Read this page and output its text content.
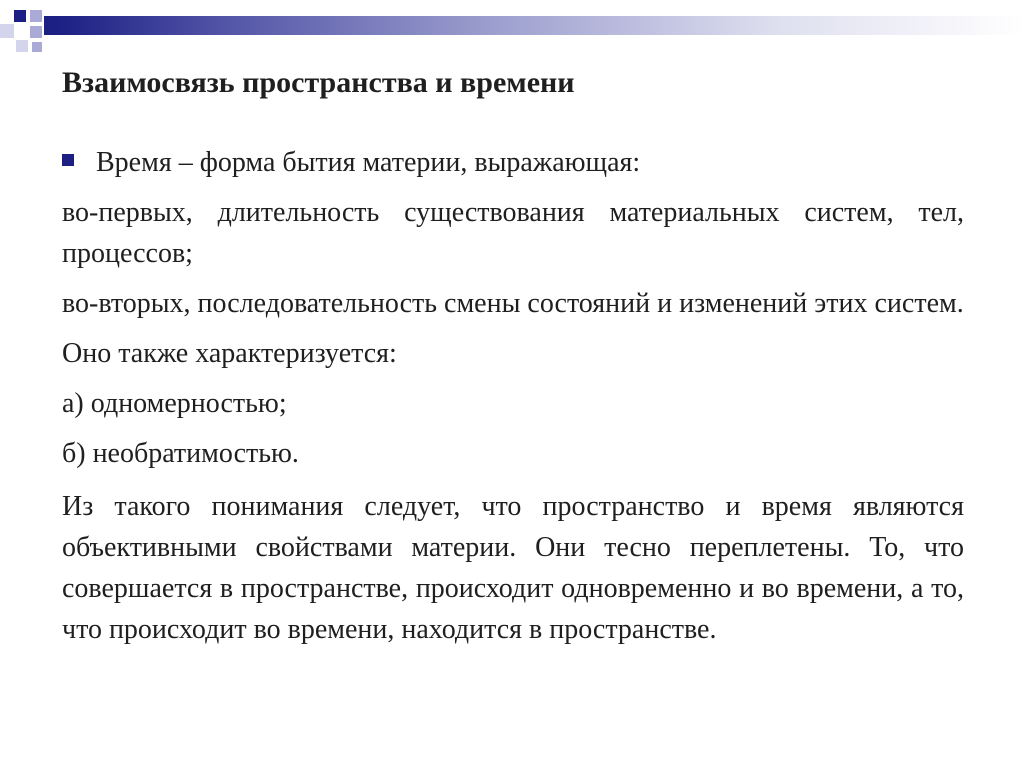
Взаимосвязь пространства и времени
Время – форма бытия материи, выражающая:

во-первых, длительность существования материальных систем, тел, процессов;

во-вторых, последовательность смены состояний и изменений этих систем.

Оно также характеризуется:

а) одномерностью;

б) необратимостью.

Из такого понимания следует, что пространство и время являются объективными свойствами материи. Они тесно переплетены. То, что совершается в пространстве, происходит одновременно и во времени, а то, что происходит во времени, находится в пространстве.
